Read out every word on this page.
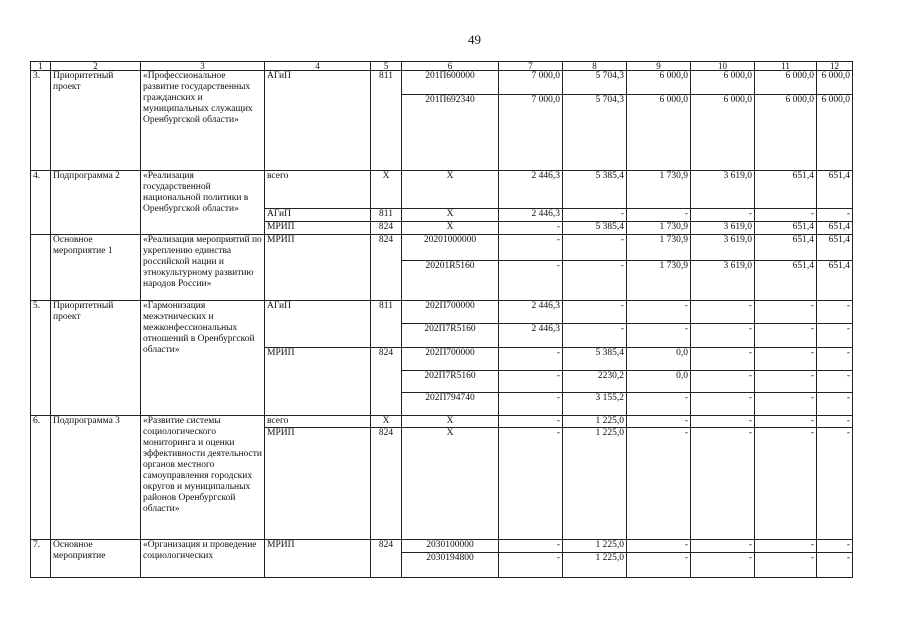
49
1	2	3	4	5	6	7	8	9	10	11	12
3.	Приоритетный проект	«Профессиональное развитие государственных гражданских и муниципальных служащих Оренбургской области»	АГиП	811	201П600000	7 000,0	5 704,3	6 000,0	6 000,0	6 000,0	6 000,0
					201П692340	7 000,0	5 704,3	6 000,0	6 000,0	6 000,0	6 000,0
4.	Подпрограмма 2	«Реализация государственной национальной политики в Оренбургской области»	всего	X	X	2 446,3	5 385,4	1 730,9	3 619,0	651,4	651,4
			АГиП	811	X	2 446,3	-	-	-	-	-
			МРИП	824	X	-	5 385,4	1 730,9	3 619,0	651,4	651,4
	Основное мероприятие 1	«Реализация мероприятий по укреплению единства российской нации и этнокультурному развитию народов России»	МРИП	824	20201000000	-	-	1 730,9	3 619,0	651,4	651,4
					20201R5160	-	-	1 730,9	3 619,0	651,4	651,4
5.	Приоритетный проект	«Гармонизация межэтнических и межконфессиональных отношений в Оренбургской области»	АГиП	811	202П700000	2 446,3	-	-	-	-	-
					202П7R5160	2 446,3	-	-	-	-	-
			МРИП	824	202П700000	-	5 385,4	0,0	-	-	-
					202П7R5160	-	2230,2	0,0	-	-	-
					202П794740	-	3 155,2	-	-	-	-
6.	Подпрограмма 3	«Развитие системы социологического мониторинга и оценки эффективности деятельности органов местного самоуправления городских округов и муниципальных районов Оренбургской области»	всего	X	X	-	1 225,0	-	-	-	-
			МРИП	824	X	-	1 225,0	-	-	-	-
7.	Основное мероприятие	«Организация и проведение социологических	МРИП	824	2030100000	-	1 225,0	-	-	-	-
					2030194800	-	1 225,0	-	-	-	-
